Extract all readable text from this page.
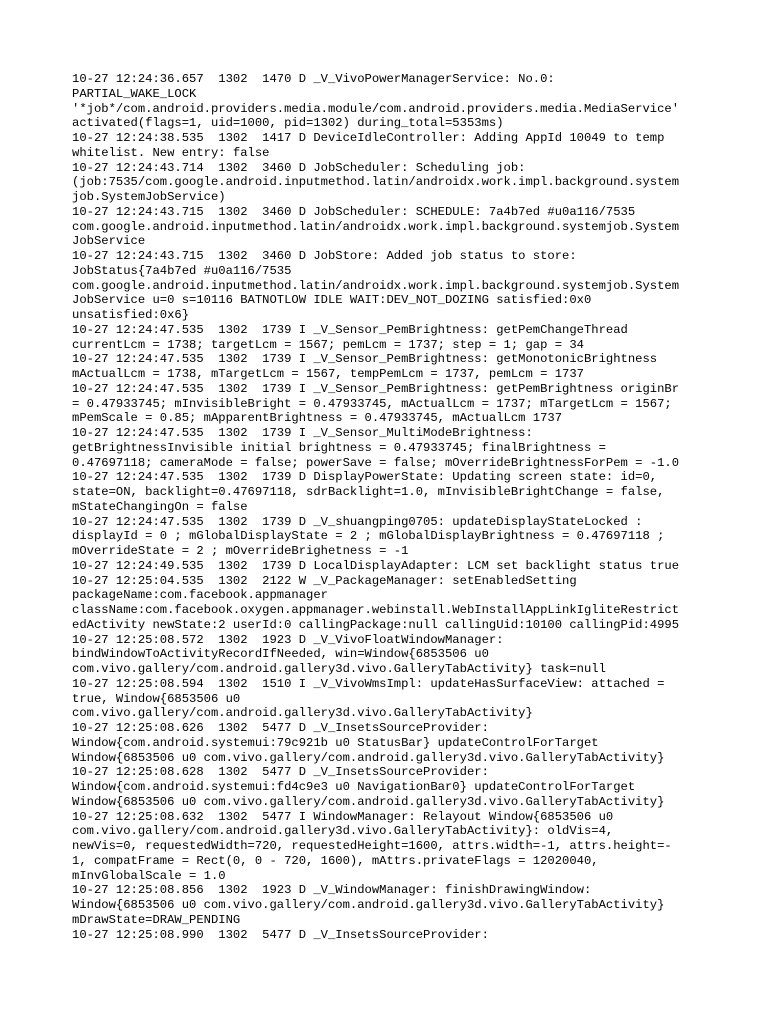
10-27 12:24:36.657  1302  1470 D _V_VivoPowerManagerService: No.0:
PARTIAL_WAKE_LOCK
'*job*/com.android.providers.media.module/com.android.providers.media.MediaService'
activated(flags=1, uid=1000, pid=1302) during_total=5353ms)
10-27 12:24:38.535  1302  1417 D DeviceIdleController: Adding AppId 10049 to temp
whitelist. New entry: false
10-27 12:24:43.714  1302  3460 D JobScheduler: Scheduling job:
(job:7535/com.google.android.inputmethod.latin/androidx.work.impl.background.system
job.SystemJobService)
10-27 12:24:43.715  1302  3460 D JobScheduler: SCHEDULE: 7a4b7ed #u0a116/7535
com.google.android.inputmethod.latin/androidx.work.impl.background.systemjob.System
JobService
10-27 12:24:43.715  1302  3460 D JobStore: Added job status to store:
JobStatus{7a4b7ed #u0a116/7535
com.google.android.inputmethod.latin/androidx.work.impl.background.systemjob.System
JobService u=0 s=10116 BATNOTLOW IDLE WAIT:DEV_NOT_DOZING satisfied:0x0
unsatisfied:0x6}
10-27 12:24:47.535  1302  1739 I _V_Sensor_PemBrightness: getPemChangeThread
currentLcm = 1738; targetLcm = 1567; pemLcm = 1737; step = 1; gap = 34
10-27 12:24:47.535  1302  1739 I _V_Sensor_PemBrightness: getMonotonicBrightness
mActualLcm = 1738, mTargetLcm = 1567, tempPemLcm = 1737, pemLcm = 1737
10-27 12:24:47.535  1302  1739 I _V_Sensor_PemBrightness: getPemBrightness originBr
= 0.47933745; mInvisibleBright = 0.47933745, mActualLcm = 1737; mTargetLcm = 1567;
mPemScale = 0.85; mApparentBrightness = 0.47933745, mActualLcm 1737
10-27 12:24:47.535  1302  1739 I _V_Sensor_MultiModeBrightness:
getBrightnessInvisible initial brightness = 0.47933745; finalBrightness =
0.47697118; cameraMode = false; powerSave = false; mOverrideBrightnessForPem = -1.0
10-27 12:24:47.535  1302  1739 D DisplayPowerState: Updating screen state: id=0,
state=ON, backlight=0.47697118, sdrBacklight=1.0, mInvisibleBrightChange = false,
mStateChangingOn = false
10-27 12:24:47.535  1302  1739 D _V_shuangping0705: updateDisplayStateLocked :
displayId = 0 ; mGlobalDisplayState = 2 ; mGlobalDisplayBrightness = 0.47697118 ;
mOverrideState = 2 ; mOverrideBrighetness = -1
10-27 12:24:49.535  1302  1739 D LocalDisplayAdapter: LCM set backlight status true
10-27 12:25:04.535  1302  2122 W _V_PackageManager: setEnabledSetting
packageName:com.facebook.appmanager
className:com.facebook.oxygen.appmanager.webinstall.WebInstallAppLinkIgliteRestrict
edActivity newState:2 userId:0 callingPackage:null callingUid:10100 callingPid:4995
10-27 12:25:08.572  1302  1923 D _V_VivoFloatWindowManager:
bindWindowToActivityRecordIfNeeded, win=Window{6853506 u0
com.vivo.gallery/com.android.gallery3d.vivo.GalleryTabActivity} task=null
10-27 12:25:08.594  1302  1510 I _V_VivoWmsImpl: updateHasSurfaceView: attached =
true, Window{6853506 u0
com.vivo.gallery/com.android.gallery3d.vivo.GalleryTabActivity}
10-27 12:25:08.626  1302  5477 D _V_InsetsSourceProvider:
Window{com.android.systemui:79c921b u0 StatusBar} updateControlForTarget
Window{6853506 u0 com.vivo.gallery/com.android.gallery3d.vivo.GalleryTabActivity}
10-27 12:25:08.628  1302  5477 D _V_InsetsSourceProvider:
Window{com.android.systemui:fd4c9e3 u0 NavigationBar0} updateControlForTarget
Window{6853506 u0 com.vivo.gallery/com.android.gallery3d.vivo.GalleryTabActivity}
10-27 12:25:08.632  1302  5477 I WindowManager: Relayout Window{6853506 u0
com.vivo.gallery/com.android.gallery3d.vivo.GalleryTabActivity}: oldVis=4,
newVis=0, requestedWidth=720, requestedHeight=1600, attrs.width=-1, attrs.height=-
1, compatFrame = Rect(0, 0 - 720, 1600), mAttrs.privateFlags = 12020040,
mInvGlobalScale = 1.0
10-27 12:25:08.856  1302  1923 D _V_WindowManager: finishDrawingWindow:
Window{6853506 u0 com.vivo.gallery/com.android.gallery3d.vivo.GalleryTabActivity}
mDrawState=DRAW_PENDING
10-27 12:25:08.990  1302  5477 D _V_InsetsSourceProvider:
